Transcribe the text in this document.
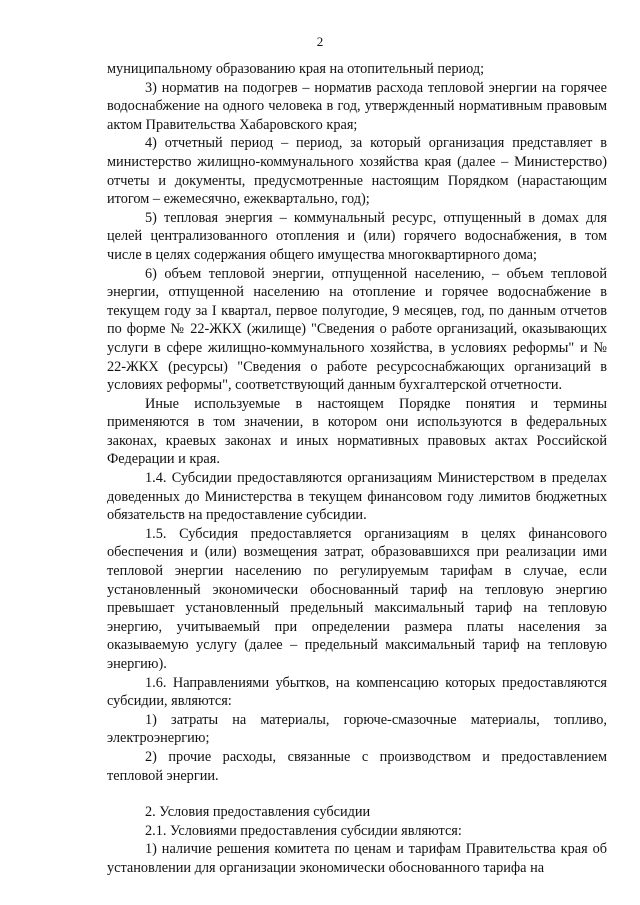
2

муниципальному образованию края на отопительный период;

3) норматив на подогрев – норматив расхода тепловой энергии на горячее водоснабжение на одного человека в год, утвержденный нормативным правовым актом Правительства Хабаровского края;

4) отчетный период – период, за который организация представляет в министерство жилищно-коммунального хозяйства края (далее – Министерство) отчеты и документы, предусмотренные настоящим Порядком (нарастающим итогом – ежемесячно, ежеквартально, год);

5) тепловая энергия – коммунальный ресурс, отпущенный в домах для целей централизованного отопления и (или) горячего водоснабжения, в том числе в целях содержания общего имущества многоквартирного дома;

6) объем тепловой энергии, отпущенной населению, – объем тепловой энергии, отпущенной населению на отопление и горячее водоснабжение в текущем году за I квартал, первое полугодие, 9 месяцев, год, по данным отчетов по форме № 22-ЖКХ (жилище) "Сведения о работе организаций, оказывающих услуги в сфере жилищно-коммунального хозяйства, в условиях реформы" и № 22-ЖКХ (ресурсы) "Сведения о работе ресурсоснабжающих организаций в условиях реформы", соответствующий данным бухгалтерской отчетности.

Иные используемые в настоящем Порядке понятия и термины применяются в том значении, в котором они используются в федеральных законах, краевых законах и иных нормативных правовых актах Российской Федерации и края.

1.4. Субсидии предоставляются организациям Министерством в пределах доведенных до Министерства в текущем финансовом году лимитов бюджетных обязательств на предоставление субсидии.

1.5. Субсидия предоставляется организациям в целях финансового обеспечения и (или) возмещения затрат, образовавшихся при реализации ими тепловой энергии населению по регулируемым тарифам в случае, если установленный экономически обоснованный тариф на тепловую энергию превышает установленный предельный максимальный тариф на тепловую энергию, учитываемый при определении размера платы населения за оказываемую услугу (далее – предельный максимальный тариф на тепловую энергию).

1.6. Направлениями убытков, на компенсацию которых предоставляются субсидии, являются:

1) затраты на материалы, горюче-смазочные материалы, топливо, электроэнергию;

2) прочие расходы, связанные с производством и предоставлением тепловой энергии.

2. Условия предоставления субсидии

2.1. Условиями предоставления субсидии являются:

1) наличие решения комитета по ценам и тарифам Правительства края об установлении для организации экономически обоснованного тарифа на
